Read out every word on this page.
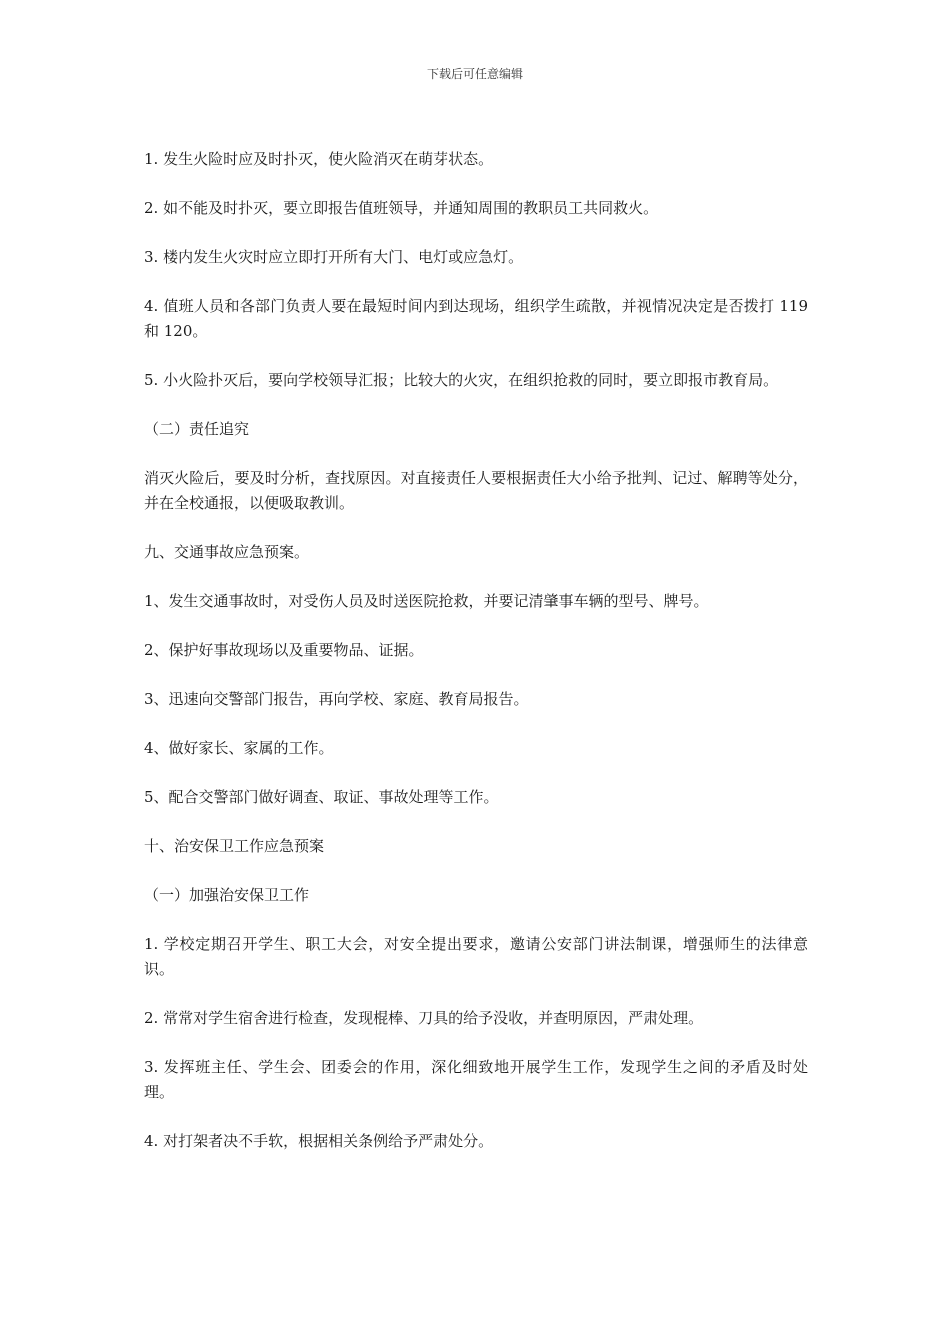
下载后可任意编辑

1. 发生火险时应及时扑灭，使火险消灭在萌芽状态。

2. 如不能及时扑灭，要立即报告值班领导，并通知周围的教职员工共同救火。

3. 楼内发生火灾时应立即打开所有大门、电灯或应急灯。

4. 值班人员和各部门负责人要在最短时间内到达现场，组织学生疏散，并视情况决定是否拨打 119 和 120。

5. 小火险扑灭后，要向学校领导汇报；比较大的火灾，在组织抢救的同时，要立即报市教育局。

（二）责任追究

消灭火险后，要及时分析，查找原因。对直接责任人要根据责任大小给予批判、记过、解聘等处分，并在全校通报，以便吸取教训。

九、交通事故应急预案。

1、发生交通事故时，对受伤人员及时送医院抢救，并要记清肇事车辆的型号、牌号。

2、保护好事故现场以及重要物品、证据。

3、迅速向交警部门报告，再向学校、家庭、教育局报告。

4、做好家长、家属的工作。

5、配合交警部门做好调查、取证、事故处理等工作。

十、治安保卫工作应急预案

（一）加强治安保卫工作

1. 学校定期召开学生、职工大会，对安全提出要求，邀请公安部门讲法制课，增强师生的法律意识。

2. 常常对学生宿舍进行检查，发现棍棒、刀具的给予没收，并查明原因，严肃处理。

3. 发挥班主任、学生会、团委会的作用，深化细致地开展学生工作，发现学生之间的矛盾及时处理。

4. 对打架者决不手软，根据相关条例给予严肃处分。
